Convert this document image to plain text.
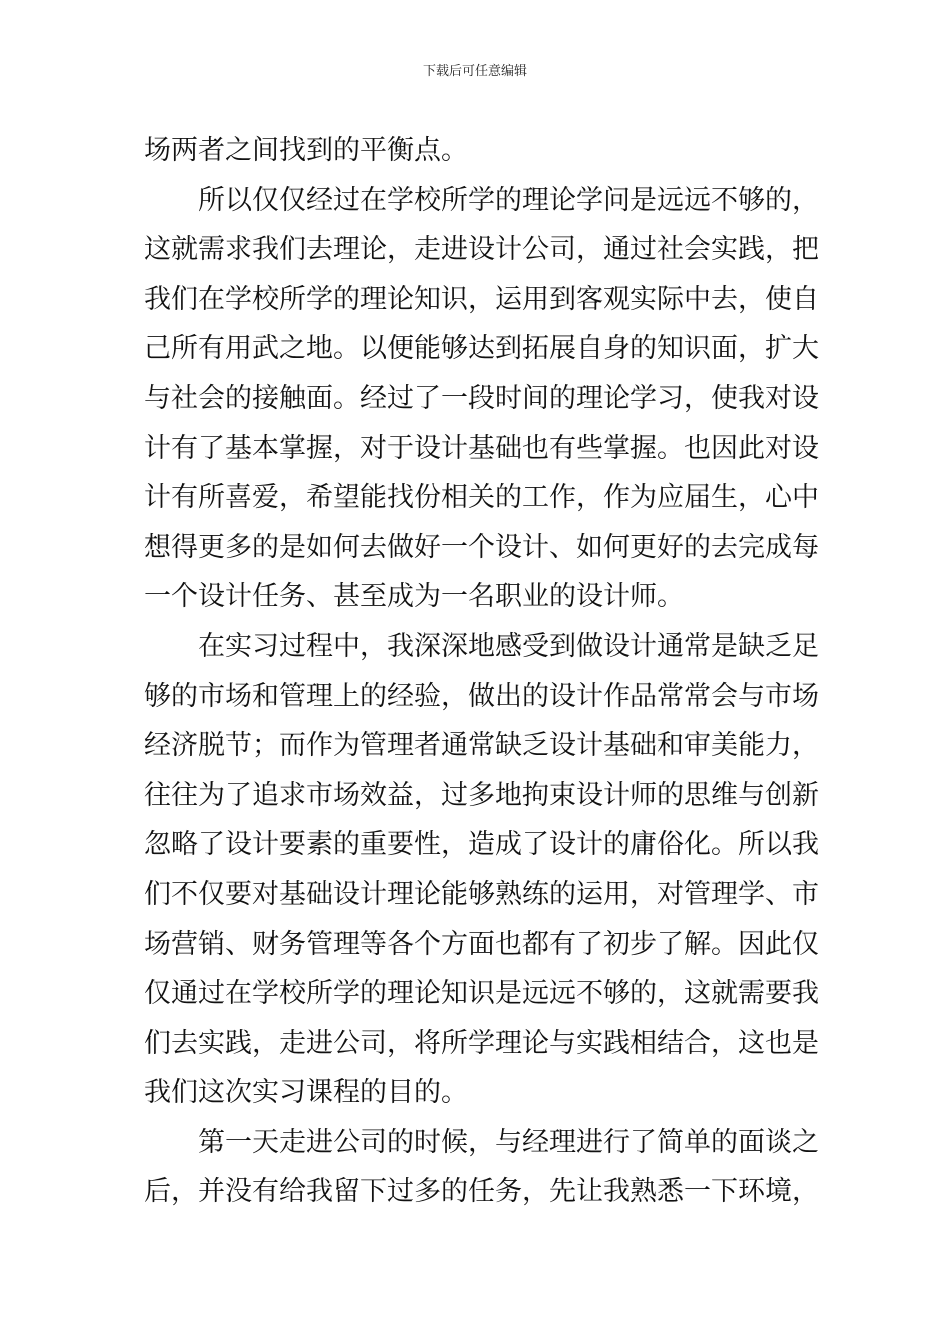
下载后可任意编辑
场两者之间找到的平衡点。
所以仅仅经过在学校所学的理论学问是远远不够的，
这就需求我们去理论，走进设计公司，通过社会实践，把
我们在学校所学的理论知识，运用到客观实际中去，使自
己所有用武之地。以便能够达到拓展自身的知识面，扩大
与社会的接触面。经过了一段时间的理论学习，使我对设
计有了基本掌握，对于设计基础也有些掌握。也因此对设
计有所喜爱，希望能找份相关的工作，作为应届生，心中
想得更多的是如何去做好一个设计、如何更好的去完成每
一个设计任务、甚至成为一名职业的设计师。
在实习过程中，我深深地感受到做设计通常是缺乏足
够的市场和管理上的经验，做出的设计作品常常会与市场
经济脱节；而作为管理者通常缺乏设计基础和审美能力，
往往为了追求市场效益，过多地拘束设计师的思维与创新
忽略了设计要素的重要性，造成了设计的庸俗化。所以我
们不仅要对基础设计理论能够熟练的运用，对管理学、市
场营销、财务管理等各个方面也都有了初步了解。因此仅
仅通过在学校所学的理论知识是远远不够的，这就需要我
们去实践，走进公司，将所学理论与实践相结合，这也是
我们这次实习课程的目的。
第一天走进公司的时候，与经理进行了简单的面谈之
后，并没有给我留下过多的任务，先让我熟悉一下环境，
